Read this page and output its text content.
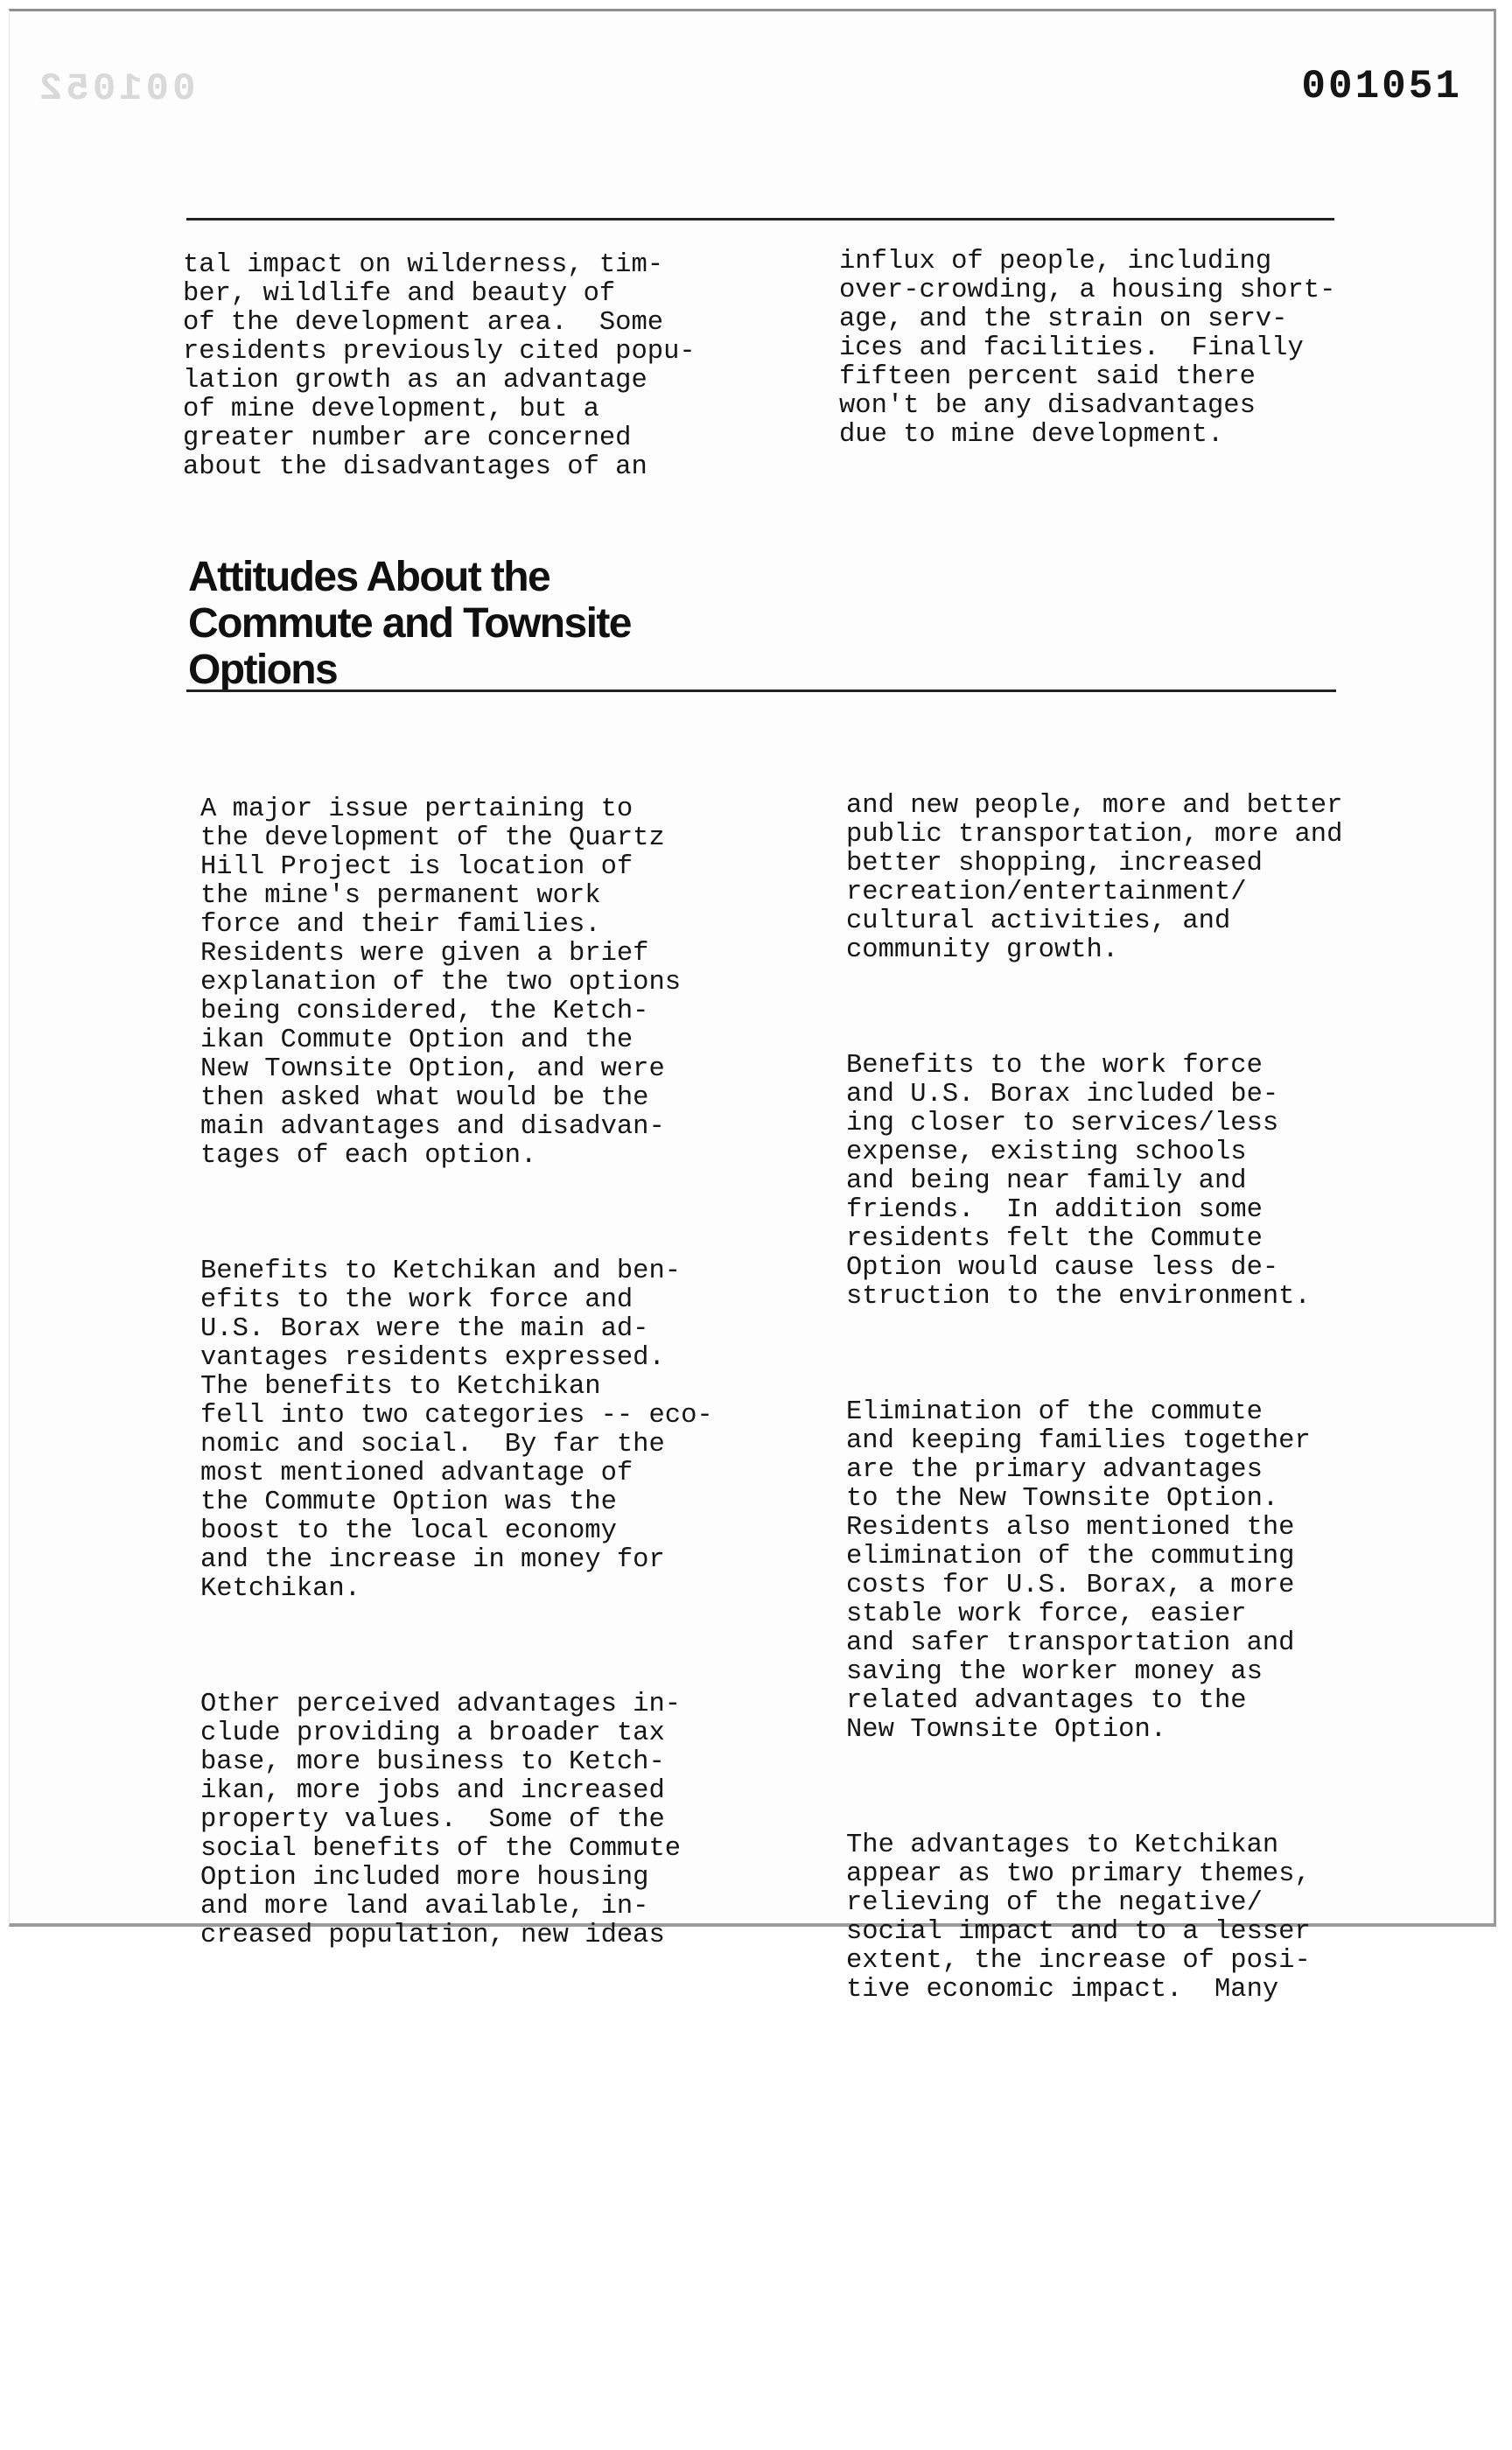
001052	001051
tal impact on wilderness, tim-
ber, wildlife and beauty of
of the development area.  Some
residents previously cited popu-
lation growth as an advantage
of mine development, but a
greater number are concerned
about the disadvantages of an
influx of people, including
over-crowding, a housing short-
age, and the strain on serv-
ices and facilities.  Finally
fifteen percent said there
won't be any disadvantages
due to mine development.
Attitudes About the
Commute and Townsite
Options

A major issue pertaining to
the development of the Quartz
Hill Project is location of
the mine's permanent work
force and their families.
Residents were given a brief
explanation of the two options
being considered, the Ketch-
ikan Commute Option and the
New Townsite Option, and were
then asked what would be the
main advantages and disadvan-
tages of each option.

Benefits to Ketchikan and ben-
efits to the work force and
U.S. Borax were the main ad-
vantages residents expressed.
The benefits to Ketchikan
fell into two categories -- eco-
nomic and social.  By far the
most mentioned advantage of
the Commute Option was the
boost to the local economy
and the increase in money for
Ketchikan.

Other perceived advantages in-
clude providing a broader tax
base, more business to Ketch-
ikan, more jobs and increased
property values.  Some of the
social benefits of the Commute
Option included more housing
and more land available, in-
creased population, new ideas

and new people, more and better
public transportation, more and
better shopping, increased
recreation/entertainment/
cultural activities, and
community growth.

Benefits to the work force
and U.S. Borax included be-
ing closer to services/less
expense, existing schools
and being near family and
friends.  In addition some
residents felt the Commute
Option would cause less de-
struction to the environment.

Elimination of the commute
and keeping families together
are the primary advantages
to the New Townsite Option.
Residents also mentioned the
elimination of the commuting
costs for U.S. Borax, a more
stable work force, easier
and safer transportation and
saving the worker money as
related advantages to the
New Townsite Option.

The advantages to Ketchikan
appear as two primary themes,
relieving of the negative/
social impact and to a lesser
extent, the increase of posi-
tive economic impact.  Many
